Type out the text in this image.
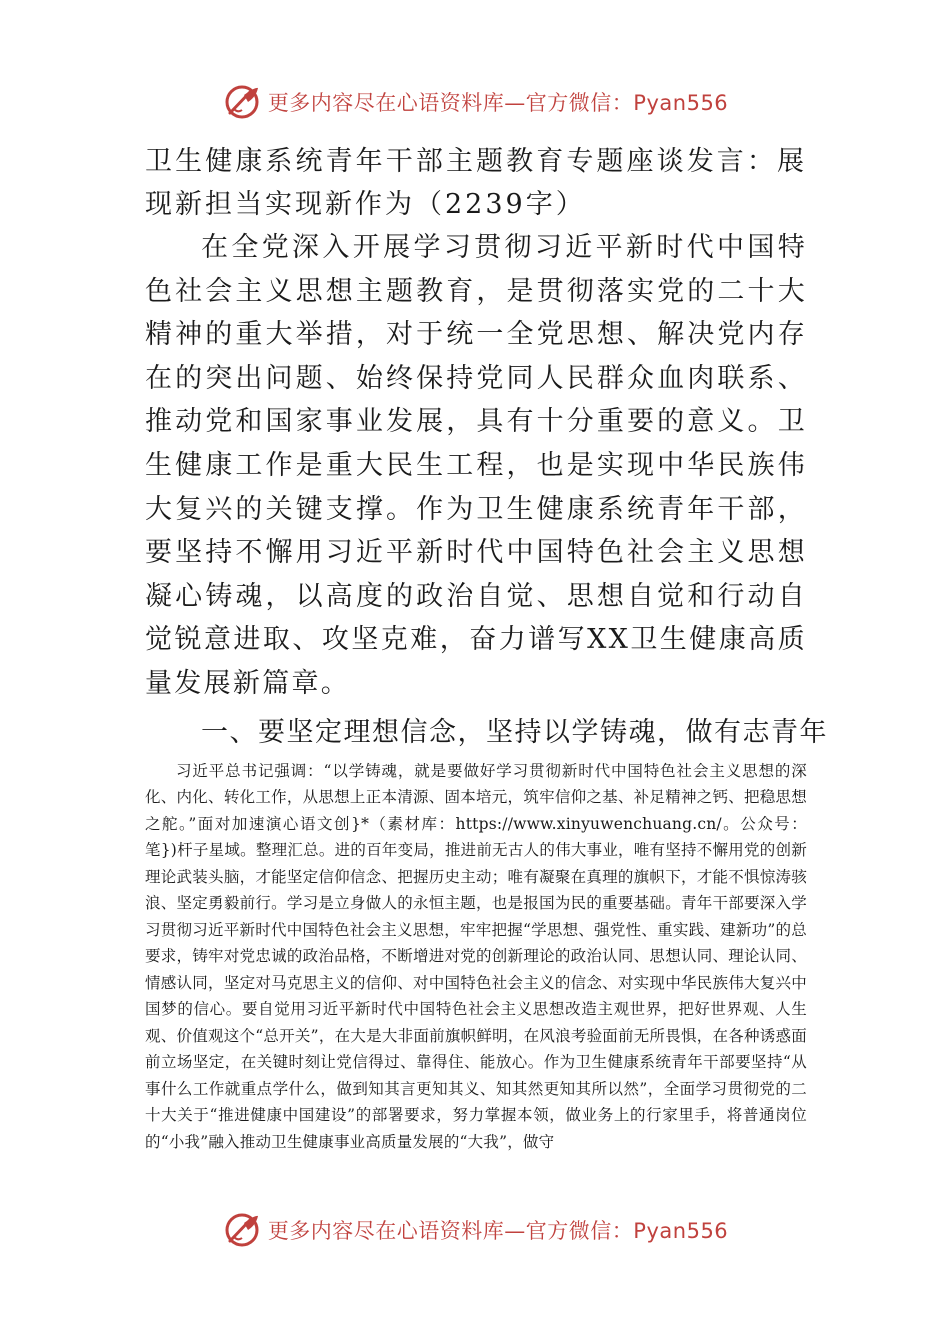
更多内容尽在心语资料库—官方微信：Pyan556
卫生健康系统青年干部主题教育专题座谈发言：展现新担当实现新作为（2239字）

在全党深入开展学习贯彻习近平新时代中国特色社会主义思想主题教育，是贯彻落实党的二十大精神的重大举措，对于统一全党思想、解决党内存在的突出问题、始终保持党同人民群众血肉联系、推动党和国家事业发展，具有十分重要的意义。卫生健康工作是重大民生工程，也是实现中华民族伟大复兴的关键支撑。作为卫生健康系统青年干部，要坚持不懈用习近平新时代中国特色社会主义思想凝心铸魂，以高度的政治自觉、思想自觉和行动自觉锐意进取、攻坚克难，奋力谱写XX卫生健康高质量发展新篇章。

一、要坚定理想信念，坚持以学铸魂，做有志青年

习近平总书记强调：“以学铸魂，就是要做好学习贯彻新时代中国特色社会主义思想的深化、内化、转化工作，从思想上正本清源、固本培元，筑牢信仰之基、补足精神之钙、把稳思想之舵。”面对加速演心语文创}*（素材库：https://www.xinyuwenchuang.cn/。公众号：笔})杆子星域。整理汇总。进的百年变局，推进前无古人的伟大事业，唯有坚持不懈用党的创新理论武装头脑，才能坚定信仰信念、把握历史主动；唯有凝聚在真理的旗帜下，才能不惧惊涛骇浪、坚定勇毅前行。学习是立身做人的永恒主题，也是报国为民的重要基础。青年干部要深入学习贯彻习近平新时代中国特色社会主义思想，牢牢把握“学思想、强党性、重实践、建新功”的总要求，铸牢对党忠诚的政治品格，不断增进对党的创新理论的政治认同、思想认同、理论认同、情感认同，坚定对马克思主义的信仰、对中国特色社会主义的信念、对实现中华民族伟大复兴中国梦的信心。要自觉用习近平新时代中国特色社会主义思想改造主观世界，把好世界观、人生观、价值观这个“总开关”，在大是大非面前旗帜鲜明，在风浪考验面前无所畏惧，在各种诱惑面前立场坚定，在关键时刻让党信得过、靠得住、能放心。作为卫生健康系统青年干部要坚持“从事什么工作就重点学什么，做到知其言更知其义、知其然更知其所以然”，全面学习贯彻党的二十大关于“推进健康中国建设”的部署要求，努力掌握本领，做业务上的行家里手，将普通岗位的“小我”融入推动卫生健康事业高质量发展的“大我”，做守

更多内容尽在心语资料库—官方微信：Pyan556
